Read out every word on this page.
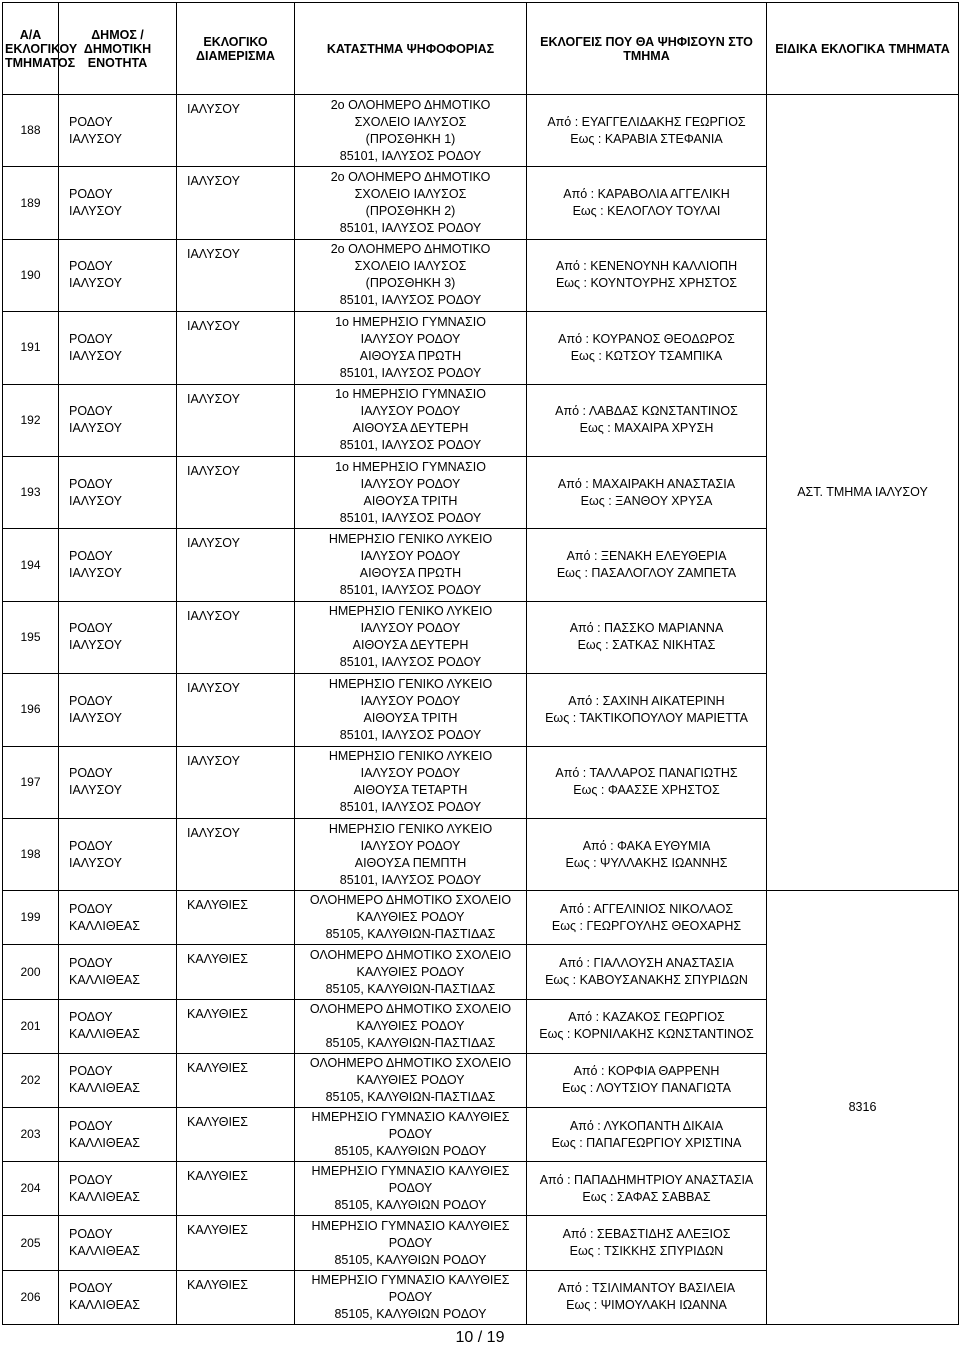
Α/Α ΕΚΛΟΓΙΚΟΥ ΤΜΗΜΑΤΟΣ	ΔΗΜΟΣ / ΔΗΜΟΤΙΚΗ ΕΝΟΤΗΤΑ	ΕΚΛΟΓΙΚΟ ΔΙΑΜΕΡΙΣΜΑ	ΚΑΤΑΣΤΗΜΑ ΨΗΦΟΦΟΡΙΑΣ	ΕΚΛΟΓΕΙΣ ΠΟΥ ΘΑ ΨΗΦΙΣΟΥΝ ΣΤΟ ΤΜΗΜΑ	ΕΙΔΙΚΑ ΕΚΛΟΓΙΚΑ ΤΜΗΜΑΤΑ
188	ΡΟΔΟΥ
ΙΑΛΥΣΟΥ	ΙΑΛΥΣΟΥ	2ο ΟΛΟΗΜΕΡΟ ΔΗΜΟΤΙΚΟ
ΣΧΟΛΕΙΟ ΙΑΛΥΣΟΣ
(ΠΡΟΣΘΗΚΗ 1)
85101, ΙΑΛΥΣΟΣ ΡΟΔΟΥ	Από : ΕΥΑΓΓΕΛΙΔΑΚΗΣ ΓΕΩΡΓΙΟΣ
Εως : ΚΑΡΑΒΙΑ ΣΤΕΦΑΝΙΑ	ΑΣΤ. ΤΜΗΜΑ ΙΑΛΥΣΟΥ
189	ΡΟΔΟΥ
ΙΑΛΥΣΟΥ	ΙΑΛΥΣΟΥ	2ο ΟΛΟΗΜΕΡΟ ΔΗΜΟΤΙΚΟ
ΣΧΟΛΕΙΟ ΙΑΛΥΣΟΣ
(ΠΡΟΣΘΗΚΗ 2)
85101, ΙΑΛΥΣΟΣ ΡΟΔΟΥ	Από : ΚΑΡΑΒΟΛΙΑ ΑΓΓΕΛΙΚΗ
Εως : ΚΕΛΟΓΛΟΥ ΤΟΥΛΑΙ	

190	ΡΟΔΟΥ
ΙΑΛΥΣΟΥ	ΙΑΛΥΣΟΥ	2ο ΟΛΟΗΜΕΡΟ ΔΗΜΟΤΙΚΟ
ΣΧΟΛΕΙΟ ΙΑΛΥΣΟΣ
(ΠΡΟΣΘΗΚΗ 3)
85101, ΙΑΛΥΣΟΣ ΡΟΔΟΥ	Από : ΚΕΝΕΝΟΥΝΗ ΚΑΛΛΙΟΠΗ
Εως : ΚΟΥΝΤΟΥΡΗΣ ΧΡΗΣΤΟΣ	

191	ΡΟΔΟΥ
ΙΑΛΥΣΟΥ	ΙΑΛΥΣΟΥ	1ο ΗΜΕΡΗΣΙΟ ΓΥΜΝΑΣΙΟ
ΙΑΛΥΣΟΥ ΡΟΔΟΥ
ΑΙΘΟΥΣΑ ΠΡΩΤΗ
85101, ΙΑΛΥΣΟΣ ΡΟΔΟΥ	Από : ΚΟΥΡΑΝΟΣ ΘΕΟΔΩΡΟΣ
Εως : ΚΩΤΣΟΥ ΤΣΑΜΠΙΚΑ	

192	ΡΟΔΟΥ
ΙΑΛΥΣΟΥ	ΙΑΛΥΣΟΥ	1ο ΗΜΕΡΗΣΙΟ ΓΥΜΝΑΣΙΟ
ΙΑΛΥΣΟΥ ΡΟΔΟΥ
ΑΙΘΟΥΣΑ ΔΕΥΤΕΡΗ
85101, ΙΑΛΥΣΟΣ ΡΟΔΟΥ	Από : ΛΑΒΔΑΣ ΚΩΝΣΤΑΝΤΙΝΟΣ
Εως : ΜΑΧΑΙΡΑ ΧΡΥΣΗ	

193	ΡΟΔΟΥ
ΙΑΛΥΣΟΥ	ΙΑΛΥΣΟΥ	1ο ΗΜΕΡΗΣΙΟ ΓΥΜΝΑΣΙΟ
ΙΑΛΥΣΟΥ ΡΟΔΟΥ
ΑΙΘΟΥΣΑ ΤΡΙΤΗ
85101, ΙΑΛΥΣΟΣ ΡΟΔΟΥ	Από : ΜΑΧΑΙΡΑΚΗ ΑΝΑΣΤΑΣΙΑ
Εως : ΞΑΝΘΟΥ ΧΡΥΣΑ	

194	ΡΟΔΟΥ
ΙΑΛΥΣΟΥ	ΙΑΛΥΣΟΥ	ΗΜΕΡΗΣΙΟ ΓΕΝΙΚΟ ΛΥΚΕΙΟ
ΙΑΛΥΣΟΥ ΡΟΔΟΥ
ΑΙΘΟΥΣΑ ΠΡΩΤΗ
85101, ΙΑΛΥΣΟΣ ΡΟΔΟΥ	Από : ΞΕΝΑΚΗ ΕΛΕΥΘΕΡΙΑ
Εως : ΠΑΣΑΛΟΓΛΟΥ ΖΑΜΠΕΤΑ	

195	ΡΟΔΟΥ
ΙΑΛΥΣΟΥ	ΙΑΛΥΣΟΥ	ΗΜΕΡΗΣΙΟ ΓΕΝΙΚΟ ΛΥΚΕΙΟ
ΙΑΛΥΣΟΥ ΡΟΔΟΥ
ΑΙΘΟΥΣΑ ΔΕΥΤΕΡΗ
85101, ΙΑΛΥΣΟΣ ΡΟΔΟΥ	Από : ΠΑΣΣΚΟ ΜΑΡΙΑΝΝΑ
Εως : ΣΑΤΚΑΣ ΝΙΚΗΤΑΣ	

196	ΡΟΔΟΥ
ΙΑΛΥΣΟΥ	ΙΑΛΥΣΟΥ	ΗΜΕΡΗΣΙΟ ΓΕΝΙΚΟ ΛΥΚΕΙΟ
ΙΑΛΥΣΟΥ ΡΟΔΟΥ
ΑΙΘΟΥΣΑ ΤΡΙΤΗ
85101, ΙΑΛΥΣΟΣ ΡΟΔΟΥ	Από : ΣΑΧΙΝΗ ΑΙΚΑΤΕΡΙΝΗ
Εως : ΤΑΚΤΙΚΟΠΟΥΛΟΥ ΜΑΡΙΕΤΤΑ	

197	ΡΟΔΟΥ
ΙΑΛΥΣΟΥ	ΙΑΛΥΣΟΥ	ΗΜΕΡΗΣΙΟ ΓΕΝΙΚΟ ΛΥΚΕΙΟ
ΙΑΛΥΣΟΥ ΡΟΔΟΥ
ΑΙΘΟΥΣΑ ΤΕΤΑΡΤΗ
85101, ΙΑΛΥΣΟΣ ΡΟΔΟΥ	Από : ΤΑΛΛΑΡΟΣ ΠΑΝΑΓΙΩΤΗΣ
Εως : ΦΑΑΣΣΕ ΧΡΗΣΤΟΣ	

198	ΡΟΔΟΥ
ΙΑΛΥΣΟΥ	ΙΑΛΥΣΟΥ	ΗΜΕΡΗΣΙΟ ΓΕΝΙΚΟ ΛΥΚΕΙΟ
ΙΑΛΥΣΟΥ ΡΟΔΟΥ
ΑΙΘΟΥΣΑ ΠΕΜΠΤΗ
85101, ΙΑΛΥΣΟΣ ΡΟΔΟΥ	Από : ΦΑΚΑ ΕΥΘΥΜΙΑ
Εως : ΨΥΛΛΑΚΗΣ ΙΩΑΝΝΗΣ	

199	ΡΟΔΟΥ
ΚΑΛΛΙΘΕΑΣ	ΚΑΛΥΘΙΕΣ	ΟΛΟΗΜΕΡΟ ΔΗΜΟΤΙΚΟ ΣΧΟΛΕΙΟ
ΚΑΛΥΘΙΕΣ ΡΟΔΟΥ
85105, ΚΑΛΥΘΙΩΝ-ΠΑΣΤΙΔΑΣ	Από : ΑΓΓΕΛΙΝΙΟΣ ΝΙΚΟΛΑΟΣ
Εως : ΓΕΩΡΓΟΥΛΗΣ ΘΕΟΧΑΡΗΣ	8316
200	ΡΟΔΟΥ
ΚΑΛΛΙΘΕΑΣ	ΚΑΛΥΘΙΕΣ	ΟΛΟΗΜΕΡΟ ΔΗΜΟΤΙΚΟ ΣΧΟΛΕΙΟ
ΚΑΛΥΘΙΕΣ ΡΟΔΟΥ
85105, ΚΑΛΥΘΙΩΝ-ΠΑΣΤΙΔΑΣ	Από : ΓΙΑΛΛΟΥΣΗ ΑΝΑΣΤΑΣΙΑ
Εως : ΚΑΒΟΥΣΑΝΑΚΗΣ ΣΠΥΡΙΔΩΝ	

201	ΡΟΔΟΥ
ΚΑΛΛΙΘΕΑΣ	ΚΑΛΥΘΙΕΣ	ΟΛΟΗΜΕΡΟ ΔΗΜΟΤΙΚΟ ΣΧΟΛΕΙΟ
ΚΑΛΥΘΙΕΣ ΡΟΔΟΥ
85105, ΚΑΛΥΘΙΩΝ-ΠΑΣΤΙΔΑΣ	Από : ΚΑΖΑΚΟΣ ΓΕΩΡΓΙΟΣ
Εως : ΚΟΡΝΙΛΑΚΗΣ ΚΩΝΣΤΑΝΤΙΝΟΣ	

202	ΡΟΔΟΥ
ΚΑΛΛΙΘΕΑΣ	ΚΑΛΥΘΙΕΣ	ΟΛΟΗΜΕΡΟ ΔΗΜΟΤΙΚΟ ΣΧΟΛΕΙΟ
ΚΑΛΥΘΙΕΣ ΡΟΔΟΥ
85105, ΚΑΛΥΘΙΩΝ-ΠΑΣΤΙΔΑΣ	Από : ΚΟΡΦΙΑ ΘΑΡΡΕΝΗ
Εως : ΛΟΥΤΣΙΟΥ ΠΑΝΑΓΙΩΤΑ	

203	ΡΟΔΟΥ
ΚΑΛΛΙΘΕΑΣ	ΚΑΛΥΘΙΕΣ	ΗΜΕΡΗΣΙΟ ΓΥΜΝΑΣΙΟ ΚΑΛΥΘΙΕΣ
ΡΟΔΟΥ
85105, ΚΑΛΥΘΙΩΝ ΡΟΔΟΥ	Από : ΛΥΚΟΠΑΝΤΗ ΔΙΚΑΙΑ
Εως : ΠΑΠΑΓΕΩΡΓΙΟΥ ΧΡΙΣΤΙΝΑ	

204	ΡΟΔΟΥ
ΚΑΛΛΙΘΕΑΣ	ΚΑΛΥΘΙΕΣ	ΗΜΕΡΗΣΙΟ ΓΥΜΝΑΣΙΟ ΚΑΛΥΘΙΕΣ
ΡΟΔΟΥ
85105, ΚΑΛΥΘΙΩΝ ΡΟΔΟΥ	Από : ΠΑΠΑΔΗΜΗΤΡΙΟΥ ΑΝΑΣΤΑΣΙΑ
Εως : ΣΑΦΑΣ ΣΑΒΒΑΣ	

205	ΡΟΔΟΥ
ΚΑΛΛΙΘΕΑΣ	ΚΑΛΥΘΙΕΣ	ΗΜΕΡΗΣΙΟ ΓΥΜΝΑΣΙΟ ΚΑΛΥΘΙΕΣ
ΡΟΔΟΥ
85105, ΚΑΛΥΘΙΩΝ ΡΟΔΟΥ	Από : ΣΕΒΑΣΤΙΔΗΣ ΑΛΕΞΙΟΣ
Εως : ΤΣΙΚΚΗΣ ΣΠΥΡΙΔΩΝ	

206	ΡΟΔΟΥ
ΚΑΛΛΙΘΕΑΣ	ΚΑΛΥΘΙΕΣ	ΗΜΕΡΗΣΙΟ ΓΥΜΝΑΣΙΟ ΚΑΛΥΘΙΕΣ
ΡΟΔΟΥ
85105, ΚΑΛΥΘΙΩΝ ΡΟΔΟΥ	Από : ΤΣΙΛΙΜΑΝΤΟΥ ΒΑΣΙΛΕΙΑ
Εως : ΨΙΜΟΥΛΑΚΗ ΙΩΑΝΝΑ	
10 / 19
